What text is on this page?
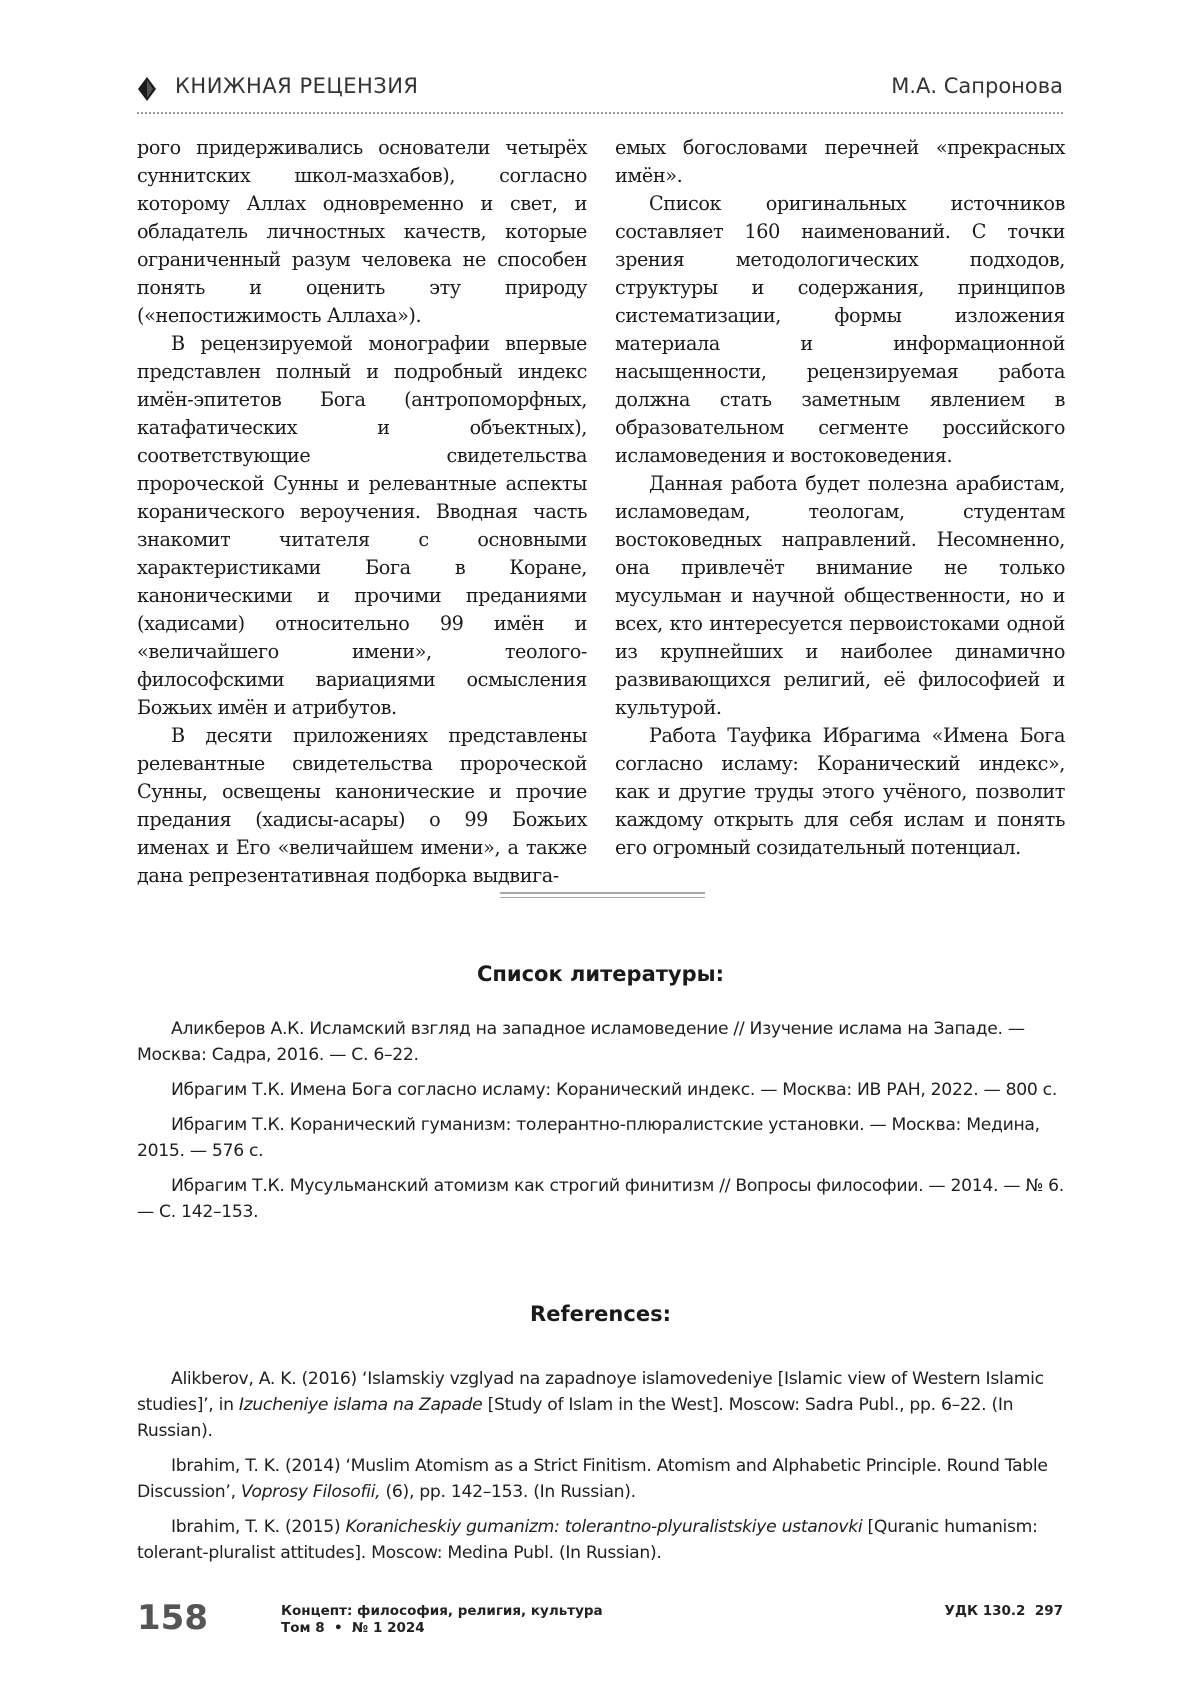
КНИЖНАЯ РЕЦЕНЗИЯ	М.А. Сапронова

рого придерживались основатели четырёх суннитских школ-мазхабов), согласно которому Аллах одновременно и свет, и обладатель личностных качеств, которые ограниченный разум человека не способен понять и оценить эту природу («непостижимость Аллаха»).

В рецензируемой монографии впервые представлен полный и подробный индекс имён-эпитетов Бога (антропоморфных, катафатических и объектных), соответствующие свидетельства пророческой Сунны и релевантные аспекты коранического вероучения. Вводная часть знакомит читателя с основными характеристиками Бога в Коране, каноническими и прочими преданиями (хадисами) относительно 99 имён и «величайшего имени», теолого-философскими вариациями осмысления Божьих имён и атрибутов.

В десяти приложениях представлены релевантные свидетельства пророческой Сунны, освещены канонические и прочие предания (хадисы-асары) о 99 Божьих именах и Его «величайшем имени», а также дана репрезентативная подборка выдвига-

емых богословами перечней «прекрасных имён».

Список оригинальных источников составляет 160 наименований. С точки зрения методологических подходов, структуры и содержания, принципов систематизации, формы изложения материала и информационной насыщенности, рецензируемая работа должна стать заметным явлением в образовательном сегменте российского исламоведения и востоковедения.

Данная работа будет полезна арабистам, исламоведам, теологам, студентам востоковедных направлений. Несомненно, она привлечёт внимание не только мусульман и научной общественности, но и всех, кто интересуется первоистоками одной из крупнейших и наиболее динамично развивающихся религий, её философией и культурой.

Работа Тауфика Ибрагима «Имена Бога согласно исламу: Коранический индекс», как и другие труды этого учёного, позволит каждому открыть для себя ислам и понять его огромный созидательный потенциал.

Список литературы:

Аликберов А.К. Исламский взгляд на западное исламоведение // Изучение ислама на Западе. — Москва: Садра, 2016. — С. 6–22.

Ибрагим Т.К. Имена Бога согласно исламу: Коранический индекс. — Москва: ИВ РАН, 2022. — 800 с.

Ибрагим Т.К. Коранический гуманизм: толерантно-плюралистские установки. — Москва: Медина, 2015. — 576 с.

Ибрагим Т.К. Мусульманский атомизм как строгий финитизм // Вопросы философии. — 2014. — № 6. — С. 142–153.

References:

Alikberov, A. K. (2016) ‘Islamskiy vzglyad na zapadnoye islamovedeniye [Islamic view of Western Islamic studies]’, in Izucheniye islama na Zapade [Study of Islam in the West]. Moscow: Sadra Publ., pp. 6–22. (In Russian).

Ibrahim, T. K. (2014) ‘Muslim Atomism as a Strict Finitism. Atomism and Alphabetic Principle. Round Table Discussion’, Voprosy Filosofii, (6), pp. 142–153. (In Russian).

Ibrahim, T. K. (2015) Koranicheskiy gumanizm: tolerantno-plyuralistskiye ustanovki [Quranic humanism: tolerant-pluralist attitudes]. Moscow: Medina Publ. (In Russian).

158	Концепт: философия, религия, культура
Том 8  •  № 1 2024
УДК 130.2  297
